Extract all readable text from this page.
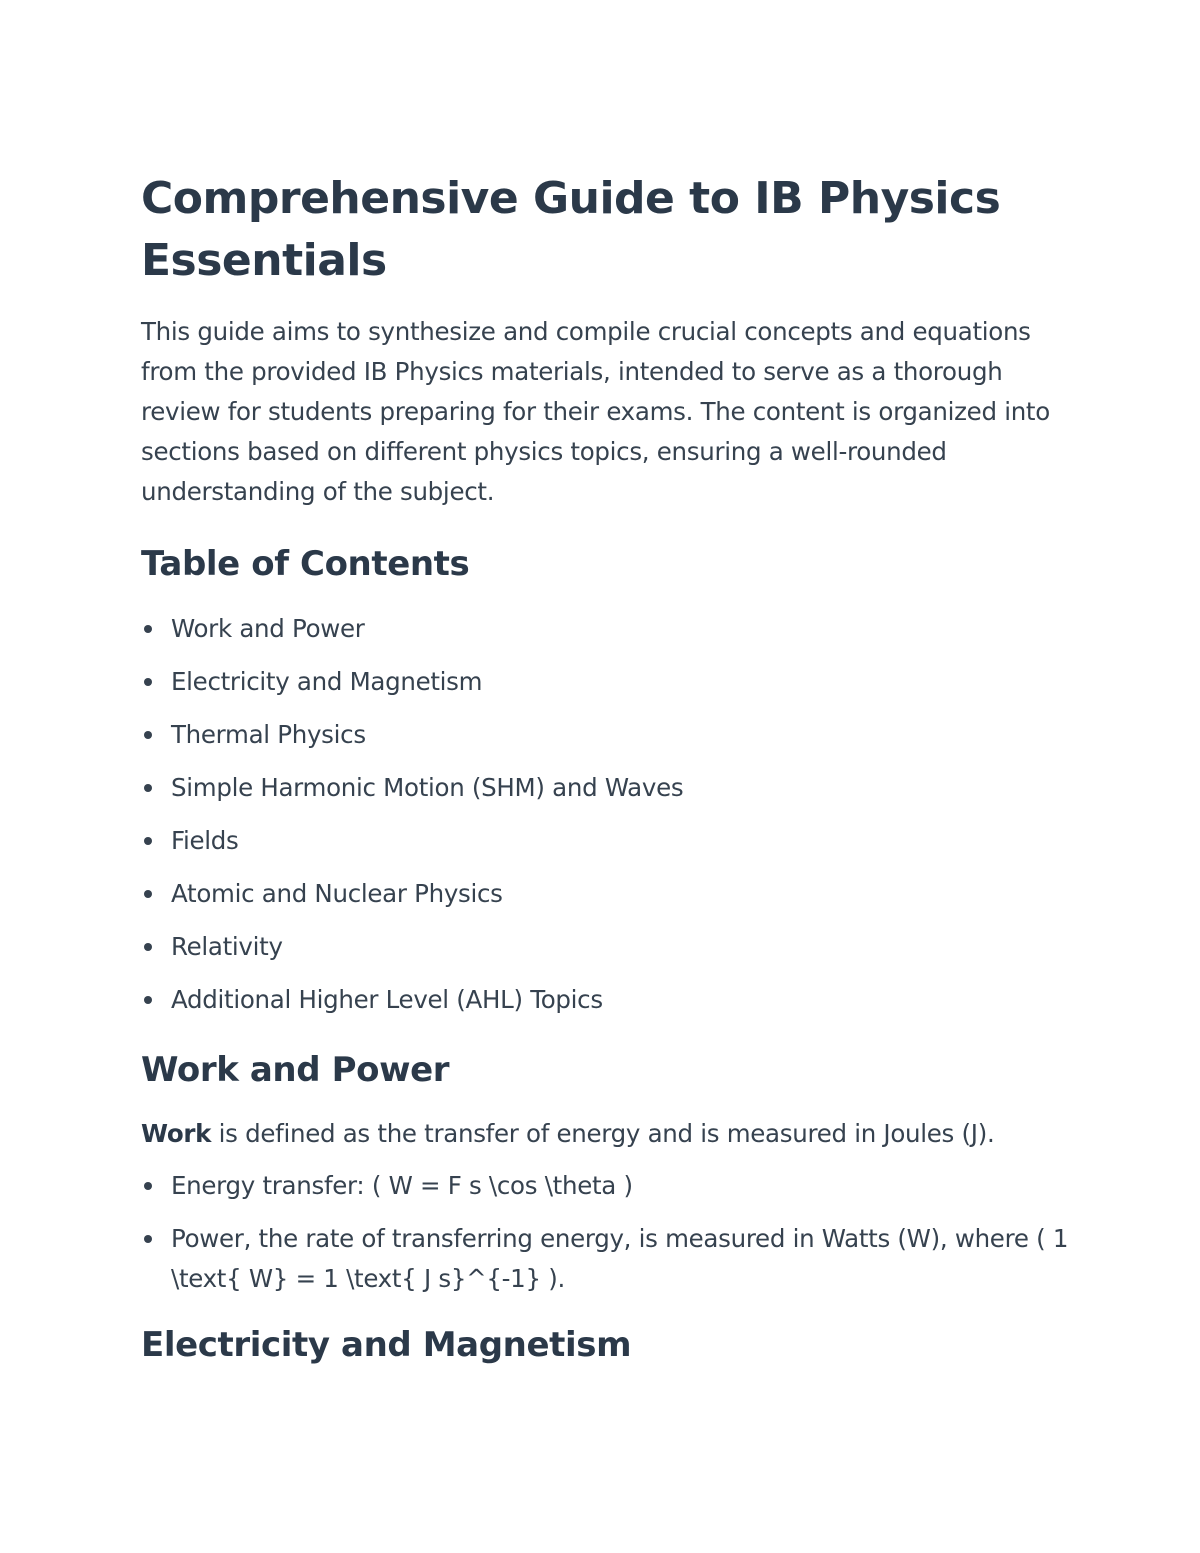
Comprehensive Guide to IB Physics Essentials

This guide aims to synthesize and compile crucial concepts and equations from the provided IB Physics materials, intended to serve as a thorough review for students preparing for their exams. The content is organized into sections based on different physics topics, ensuring a well-rounded understanding of the subject.

Table of Contents
Work and Power
Electricity and Magnetism
Thermal Physics
Simple Harmonic Motion (SHM) and Waves
Fields
Atomic and Nuclear Physics
Relativity
Additional Higher Level (AHL) Topics
Work and Power

Work is defined as the transfer of energy and is measured in Joules (J).

Energy transfer: ( W = F s \cos \theta )
Power, the rate of transferring energy, is measured in Watts (W), where ( 1 \text{ W} = 1 \text{ J s}^{-1} ).
Electricity and Magnetism
